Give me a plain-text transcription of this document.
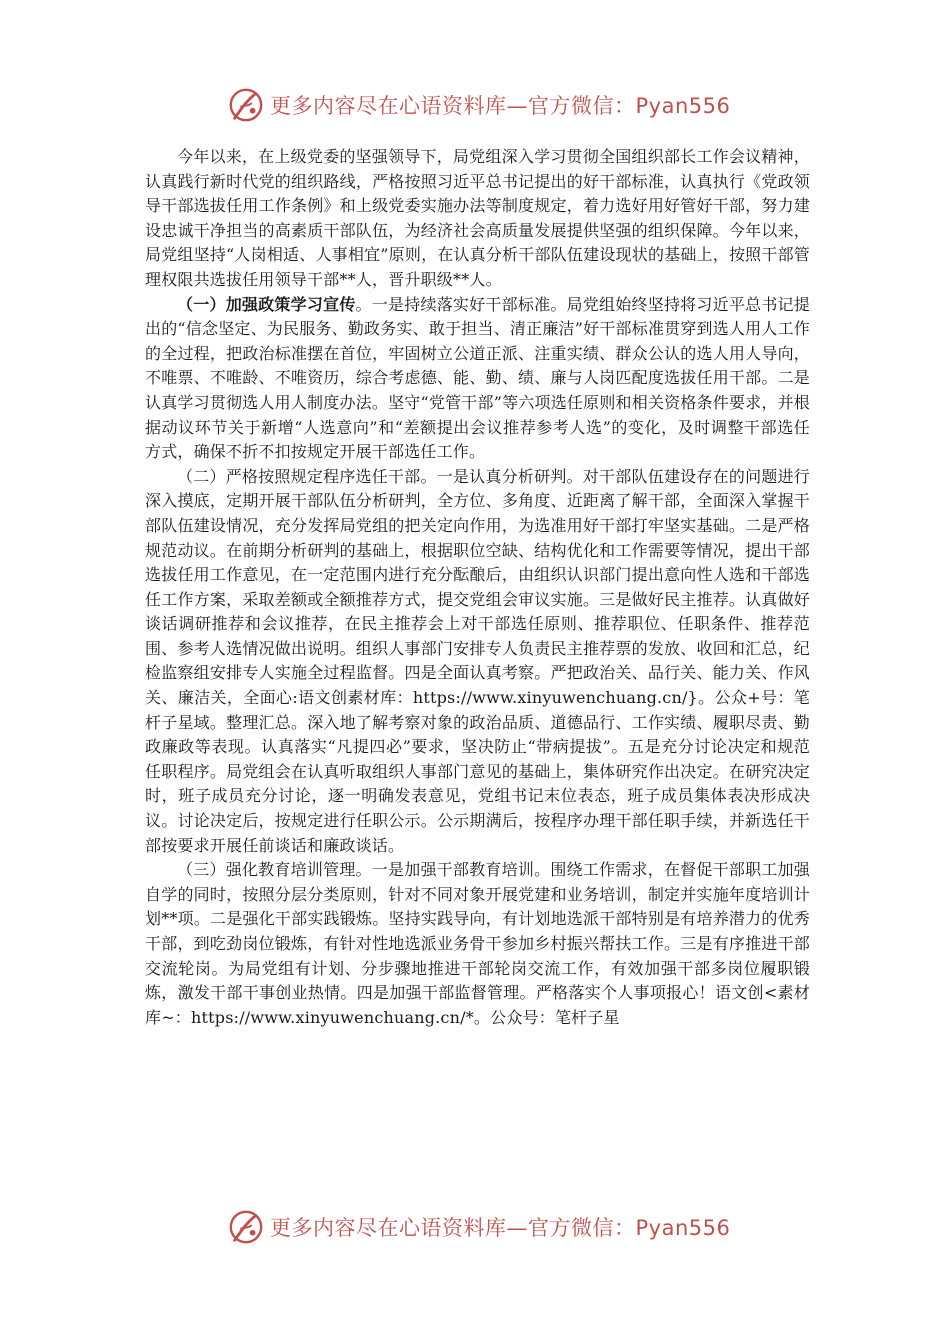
更多内容尽在心语资料库—官方微信：Pyan556

今年以来，在上级党委的坚强领导下，局党组深入学习贯彻全国组织部长工作会议精神，认真践行新时代党的组织路线，严格按照习近平总书记提出的好干部标准，认真执行《党政领导干部选拔任用工作条例》和上级党委实施办法等制度规定，着力选好用好管好干部，努力建设忠诚干净担当的高素质干部队伍，为经济社会高质量发展提供坚强的组织保障。今年以来，局党组坚持“人岗相适、人事相宜”原则，在认真分析干部队伍建设现状的基础上，按照干部管理权限共选拔任用领导干部**人，晋升职级**人。

（一）加强政策学习宣传。一是持续落实好干部标准。局党组始终坚持将习近平总书记提出的“信念坚定、为民服务、勤政务实、敢于担当、清正廉洁”好干部标准贯穿到选人用人工作的全过程，把政治标准摆在首位，牢固树立公道正派、注重实绩、群众公认的选人用人导向，不唯票、不唯龄、不唯资历，综合考虑德、能、勤、绩、廉与人岗匹配度选拔任用干部。二是认真学习贯彻选人用人制度办法。坚守“党管干部”等六项选任原则和相关资格条件要求，并根据动议环节关于新增“人选意向”和“差额提出会议推荐参考人选”的变化，及时调整干部选任方式，确保不折不扣按规定开展干部选任工作。

（二）严格按照规定程序选任干部。一是认真分析研判。对干部队伍建设存在的问题进行深入摸底，定期开展干部队伍分析研判，全方位、多角度、近距离了解干部，全面深入掌握干部队伍建设情况，充分发挥局党组的把关定向作用，为选准用好干部打牢坚实基础。二是严格规范动议。在前期分析研判的基础上，根据职位空缺、结构优化和工作需要等情况，提出干部选拔任用工作意见，在一定范围内进行充分酝酿后，由组织认识部门提出意向性人选和干部选任工作方案，采取差额或全额推荐方式，提交党组会审议实施。三是做好民主推荐。认真做好谈话调研推荐和会议推荐，在民主推荐会上对干部选任原则、推荐职位、任职条件、推荐范围、参考人选情况做出说明。组织人事部门安排专人负责民主推荐票的发放、收回和汇总，纪检监察组安排专人实施全过程监督。四是全面认真考察。严把政治关、品行关、能力关、作风关、廉洁关，全面心:语文创素材库：https://www.xinyuwenchuang.cn/}。公众+号：笔杆子星域。整理汇总。深入地了解考察对象的政治品质、道德品行、工作实绩、履职尽责、勤政廉政等表现。认真落实“凡提四必”要求，坚决防止“带病提拔”。五是充分讨论决定和规范任职程序。局党组会在认真听取组织人事部门意见的基础上，集体研究作出决定。在研究决定时，班子成员充分讨论，逐一明确发表意见，党组书记末位表态，班子成员集体表决形成决议。讨论决定后，按规定进行任职公示。公示期满后，按程序办理干部任职手续，并新选任干部按要求开展任前谈话和廉政谈话。

（三）强化教育培训管理。一是加强干部教育培训。围绕工作需求，在督促干部职工加强自学的同时，按照分层分类原则，针对不同对象开展党建和业务培训，制定并实施年度培训计划**项。二是强化干部实践锻炼。坚持实践导向，有计划地选派干部特别是有培养潜力的优秀干部，到吃劲岗位锻炼，有针对性地选派业务骨干参加乡村振兴帮扶工作。三是有序推进干部交流轮岗。为局党组有计划、分步骤地推进干部轮岗交流工作，有效加强干部多岗位履职锻炼，激发干部干事创业热情。四是加强干部监督管理。严格落实个人事项报心！语文创<素材库~：https://www.xinyuwenchuang.cn/*。公众号：笔杆子星

更多内容尽在心语资料库—官方微信：Pyan556
